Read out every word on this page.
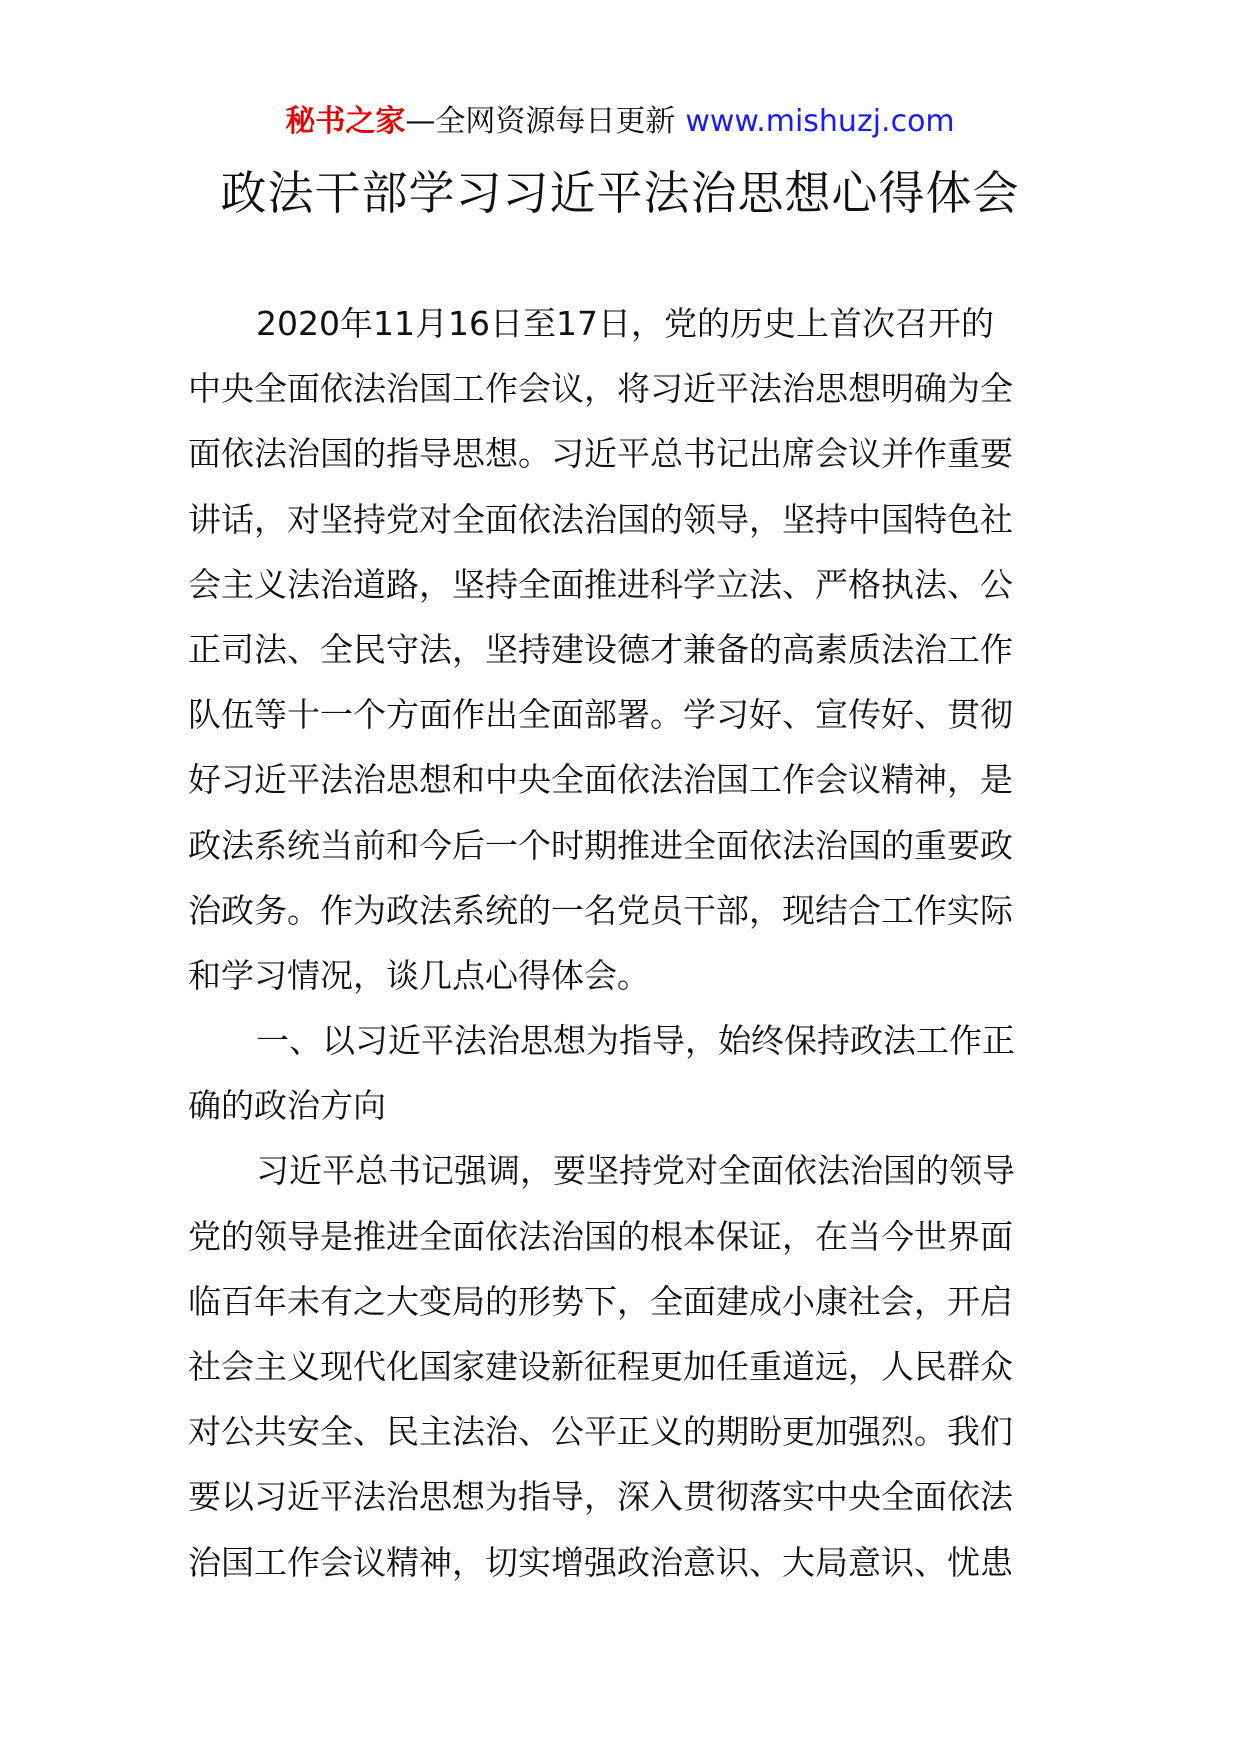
秘书之家—全网资源每日更新 www.mishuzj.com
政法干部学习习近平法治思想心得体会
2020年11月16日至17日，党的历史上首次召开的
中央全面依法治国工作会议，将习近平法治思想明确为全
面依法治国的指导思想。习近平总书记出席会议并作重要
讲话，对坚持党对全面依法治国的领导，坚持中国特色社
会主义法治道路，坚持全面推进科学立法、严格执法、公
正司法、全民守法，坚持建设德才兼备的高素质法治工作
队伍等十一个方面作出全面部署。学习好、宣传好、贯彻
好习近平法治思想和中央全面依法治国工作会议精神，是
政法系统当前和今后一个时期推进全面依法治国的重要政
治政务。作为政法系统的一名党员干部，现结合工作实际
和学习情况，谈几点心得体会。
一、以习近平法治思想为指导，始终保持政法工作正
确的政治方向
习近平总书记强调，要坚持党对全面依法治国的领导
党的领导是推进全面依法治国的根本保证，在当今世界面
临百年未有之大变局的形势下，全面建成小康社会，开启
社会主义现代化国家建设新征程更加任重道远，人民群众
对公共安全、民主法治、公平正义的期盼更加强烈。我们
要以习近平法治思想为指导，深入贯彻落实中央全面依法
治国工作会议精神，切实增强政治意识、大局意识、忧患
